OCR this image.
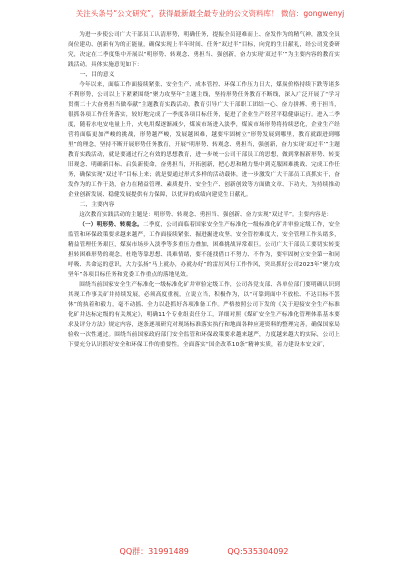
关注头条号“公文研究”，获得最新最全最专业的公文资料库！ 微信：gongwenyj

为进一步使公司广大干部员工认清形势，明确任务，提振全员迎难而上、奋发作为的精气神，激发全员岗位建功、创新有为的正能量，确保实现上半年时间、任务“双过半”目标，向党的生日献礼，经公司党委研究，决定在二季度集中开展以“明形势、转观念、勇担当、强创新，奋力实现‘双过半’”为主要内容的教育实践活动。具体实施意见如下：

一、目的意义

今年以来，面临工作面接续紧张、安全生产、成本管控、环保工作压力日大，煤炭价格持续下跌等诸多不利形势，公司以上下紧紧围绕“聚力攻坚年”主题主线，坚持形势任务教育不断线，深入广泛开展了“学习贯彻二十大奋勇担当做奉献”主题教育实践活动，教育引导广大干部职工团结一心、奋力拼搏、勇于担当，很抓各项工作任务落实，较好地完成了一季度各项目标任务，促进了企业生产经营平稳健康运行。进入二季度，随着水电安电量上升，火电用煤逐渐减少，煤炭市场进入淡季，煤炭市场形势将持续恶化，企业生产经营将面临更加严峻的挑战，形势越严峻，发展越困难，越要牢固树立“形势发展到哪里，教育就跟进到哪里”的理念，坚持不断开展形势任务教育，开展“明形势、转观念、勇担当，强创新，奋力实现‘双过半’”主题教育实践活动，就是要通过行之有效的思想教育，进一步统一公司干部员工的思想，做到掌握新形势、转变旧观念、明确新目标、启负新使命，奋勇担当，开拓创新，把心思和精力集中到克服困难挑战、完成工作任务，确保实现“双过半”目标上来；就是要通过形式多样的活动载体，进一步激发广大干部员工真抓实干，奋发作为的工作干劲，奋力在精益管理、素质提升、安全生产、创新创效等方面做文章、下功夫，为持续推动企业创新发展、稳健发展提供有力保障，以优异的成绩向建党生日献礼。

二、主要内容

这次教育实践活动的主题是：明形势、转观念、勇担当、强创新、奋力实现“双过半”。主要内容是：

（一）明形势、转观念。二季度，公司面临着国家安全生产标准化一级标准化矿井审验定级工作，安全监管和环保政策要求越来越严，工作面接续紧张、掘进掘进攻坚、安全管控难度大，安全管理工作头绪多，精益管理任务艰巨，煤炭市场步入淡季等多重压力叠加，困难挑战异常艰巨。公司广大干部员工要切实转变担转困难形势的观念，杜绝等靠思想、畏难情绪，要不能找借口不努力、不作为，要牢固树立安全第一和同呼吸、共命运的意识，大力弘扬“马上就办，办就办好”的雷厉风行工作作风，突出抓好公司2023年“聚力攻坚年”各项目标任务和党委工作重点的落地见效。

围绕当前国家安全生产标准化一级标准化矿井审验定级工作，公司各党支部、各单位部门要明确认识到其现工作事关矿井持续发展，必须高度重视，立说立当，积极作为，以“可靠到面中不放松、不达目标不罢休”的执着和毅力，毫不动摇、全力以赴抓好各项准备工作。严格按照公司下发的《关于迎接安全生产标准化矿井达标定级的有关规定》，明确11个专业组责任分工，详细对照《煤矿安全生产标准化管理体系基本要求及评分方法》规定内容，逐条逐项研究对现场标准落实执行和地面各种应迎资料的整理完善，确保国家局验收一次性通过。围绕当前国家政府部门安全监管和环保政策要求越来越严，力度越来越大的实际，公司上下要充分认识抓好安全和环保工作的重要性。全面落实“国企改革10条”精神实质，着力建设本安文矿，

QQ群：31991489	QQ:535304092
